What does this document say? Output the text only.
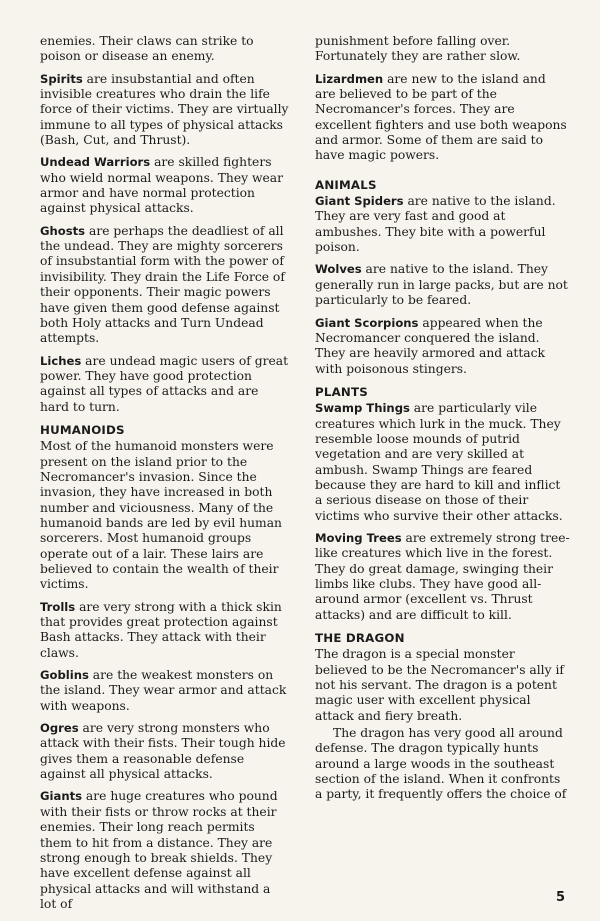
enemies. Their claws can strike to poison or disease an enemy.

Spirits are insubstantial and often invisible creatures who drain the life force of their victims. They are virtually immune to all types of physical attacks (Bash, Cut, and Thrust).

Undead Warriors are skilled fighters who wield normal weapons. They wear armor and have normal protection against physical attacks.

Ghosts are perhaps the deadliest of all the undead. They are mighty sorcerers of insubstantial form with the power of invisibility. They drain the Life Force of their opponents. Their magic powers have given them good defense against both Holy attacks and Turn Undead attempts.

Liches are undead magic users of great power. They have good protection against all types of attacks and are hard to turn.

HUMANOIDS

Most of the humanoid monsters were present on the island prior to the Necromancer's invasion. Since the invasion, they have increased in both number and viciousness. Many of the humanoid bands are led by evil human sorcerers. Most humanoid groups operate out of a lair. These lairs are believed to contain the wealth of their victims.

Trolls are very strong with a thick skin that provides great protection against Bash attacks. They attack with their claws.

Goblins are the weakest monsters on the island. They wear armor and attack with weapons.

Ogres are very strong monsters who attack with their fists. Their tough hide gives them a reasonable defense against all physical attacks.

Giants are huge creatures who pound with their fists or throw rocks at their enemies. Their long reach permits them to hit from a distance. They are strong enough to break shields. They have excellent defense against all physical attacks and will withstand a lot of

punishment before falling over. Fortunately they are rather slow.

Lizardmen are new to the island and are believed to be part of the Necromancer's forces. They are excellent fighters and use both weapons and armor. Some of them are said to have magic powers.

ANIMALS

Giant Spiders are native to the island. They are very fast and good at ambushes. They bite with a powerful poison.

Wolves are native to the island. They generally run in large packs, but are not particularly to be feared.

Giant Scorpions appeared when the Necromancer conquered the island. They are heavily armored and attack with poisonous stingers.

PLANTS

Swamp Things are particularly vile creatures which lurk in the muck. They resemble loose mounds of putrid vegetation and are very skilled at ambush. Swamp Things are feared because they are hard to kill and inflict a serious disease on those of their victims who survive their other attacks.

Moving Trees are extremely strong tree-like creatures which live in the forest. They do great damage, swinging their limbs like clubs. They have good all-around armor (excellent vs. Thrust attacks) and are difficult to kill.

THE DRAGON

The dragon is a special monster believed to be the Necromancer's ally if not his servant. The dragon is a potent magic user with excellent physical attack and fiery breath.

The dragon has very good all around defense. The dragon typically hunts around a large woods in the southeast section of the island. When it confronts a party, it frequently offers the choice of

5
